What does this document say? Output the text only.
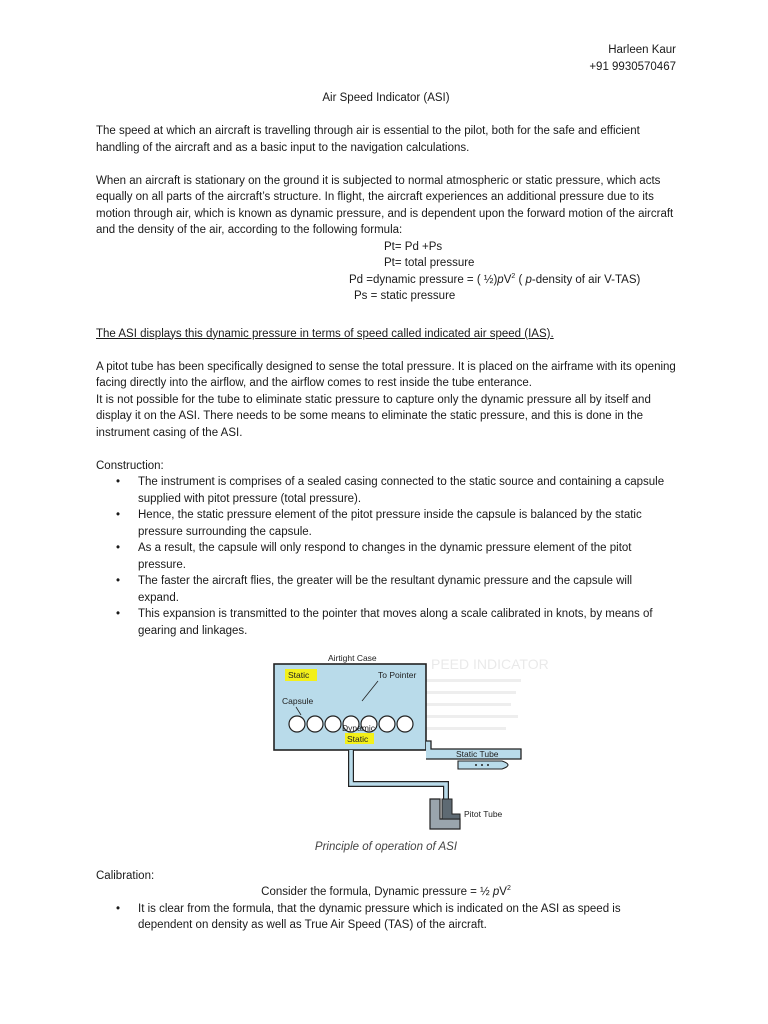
Harleen Kaur
+91 9930570467
Air Speed Indicator (ASI)

The speed at which an aircraft is travelling through air is essential to the pilot, both for the safe and efficient handling of the aircraft and as a basic input to the navigation calculations.

When an aircraft is stationary on the ground it is subjected to normal atmospheric or static pressure, which acts equally on all parts of the aircraft’s structure. In flight, the aircraft experiences an additional pressure due to its motion through air, which is known as dynamic pressure, and is dependent upon the forward motion of the aircraft and the density of the air, according to the following formula:

Pt= Pd +Ps
Pt= total pressure
Pd =dynamic pressure = ( $\frac{1}{2})pV^2$ ( p-density of air V-TAS)
Ps = static pressure

The ASI displays this dynamic pressure in terms of speed called indicated air speed (IAS).

A pitot tube has been specifically designed to sense the total pressure. It is placed on the airframe with its opening facing directly into the airflow, and the airflow comes to rest inside the tube enterance.

It is not possible for the tube to eliminate static pressure to capture only the dynamic pressure all by itself and display it on the ASI. There needs to be some means to eliminate the static pressure, and this is done in the instrument casing of the ASI.

Construction:

• The instrument is comprises of a sealed casing connected to the static source and containing a capsule supplied with pitot pressure (total pressure).
• Hence, the static pressure element of the pitot pressure inside the capsule is balanced by the static pressure surrounding the capsule.
• As a result, the capsule will only respond to changes in the dynamic pressure element of the pitot pressure.
• The faster the aircraft flies, the greater will be the resultant dynamic pressure and the capsule will expand.
• This expansion is transmitted to the pointer that moves along a scale calibrated in knots, by means of gearing and linkages.
PEED INDICATOR
Airtight Case
Static	To Pointer
Capsule
Dynamic
Static
Static Tube
Pitot Tube

Principle of operation of ASI

Calibration:

Consider the formula, Dynamic pressure = ½ $pV^2$

• It is clear from the formula, that the dynamic pressure which is indicated on the ASI as speed is dependent on density as well as True Air Speed (TAS) of the aircraft.
